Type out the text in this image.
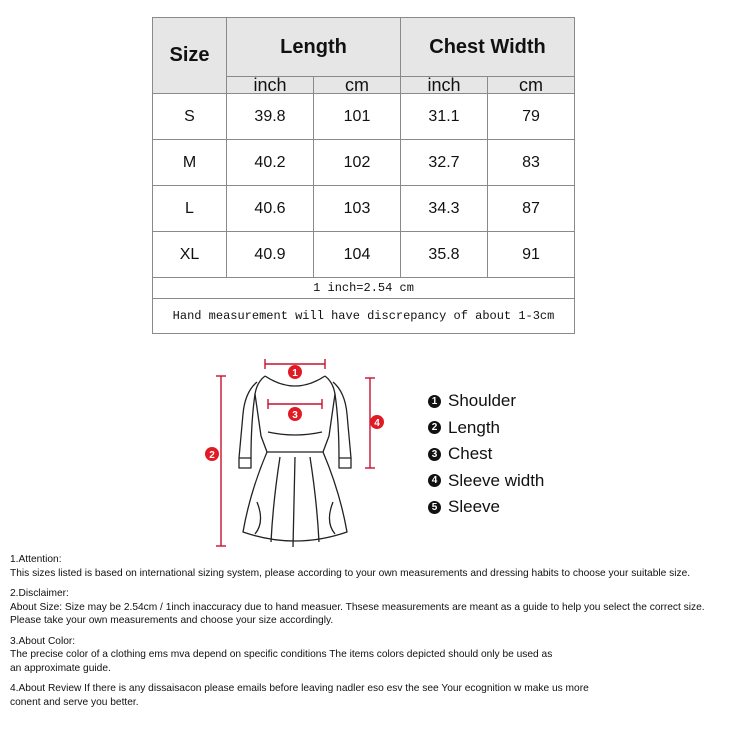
Size	Length		Chest Width	
	inch	cm	inch	cm
S	39.8	101	31.1	79
M	40.2	102	32.7	83
L	40.6	103	34.3	87
XL	40.9	104	35.8	91
1 inch=2.54 cm				
Hand measurement will have discrepancy of about 1-3cm				
1
2
3
4
1 Shoulder
2 Length
3 Chest
4 Sleeve width
5 Sleeve

1.Attention:

This sizes listed is based on international sizing system, please according to your own measurements and dressing habits to choose your suitable size.

2.Disclaimer:

About Size: Size may be 2.54cm / 1inch inaccuracy due to hand measuer. Thsese measurements are meant as a guide to help you select the correct size.

Please take your own measurements and choose your size accordingly.

3.About Color:

The precise color of a clothing ems mva depend on specific conditions The items colors depicted should only be used as

an approximate guide.

4.About Review If there is any dissaisacon please emails before leaving nadler eso esv the see Your ecognition w make us more

conent and serve you better.
